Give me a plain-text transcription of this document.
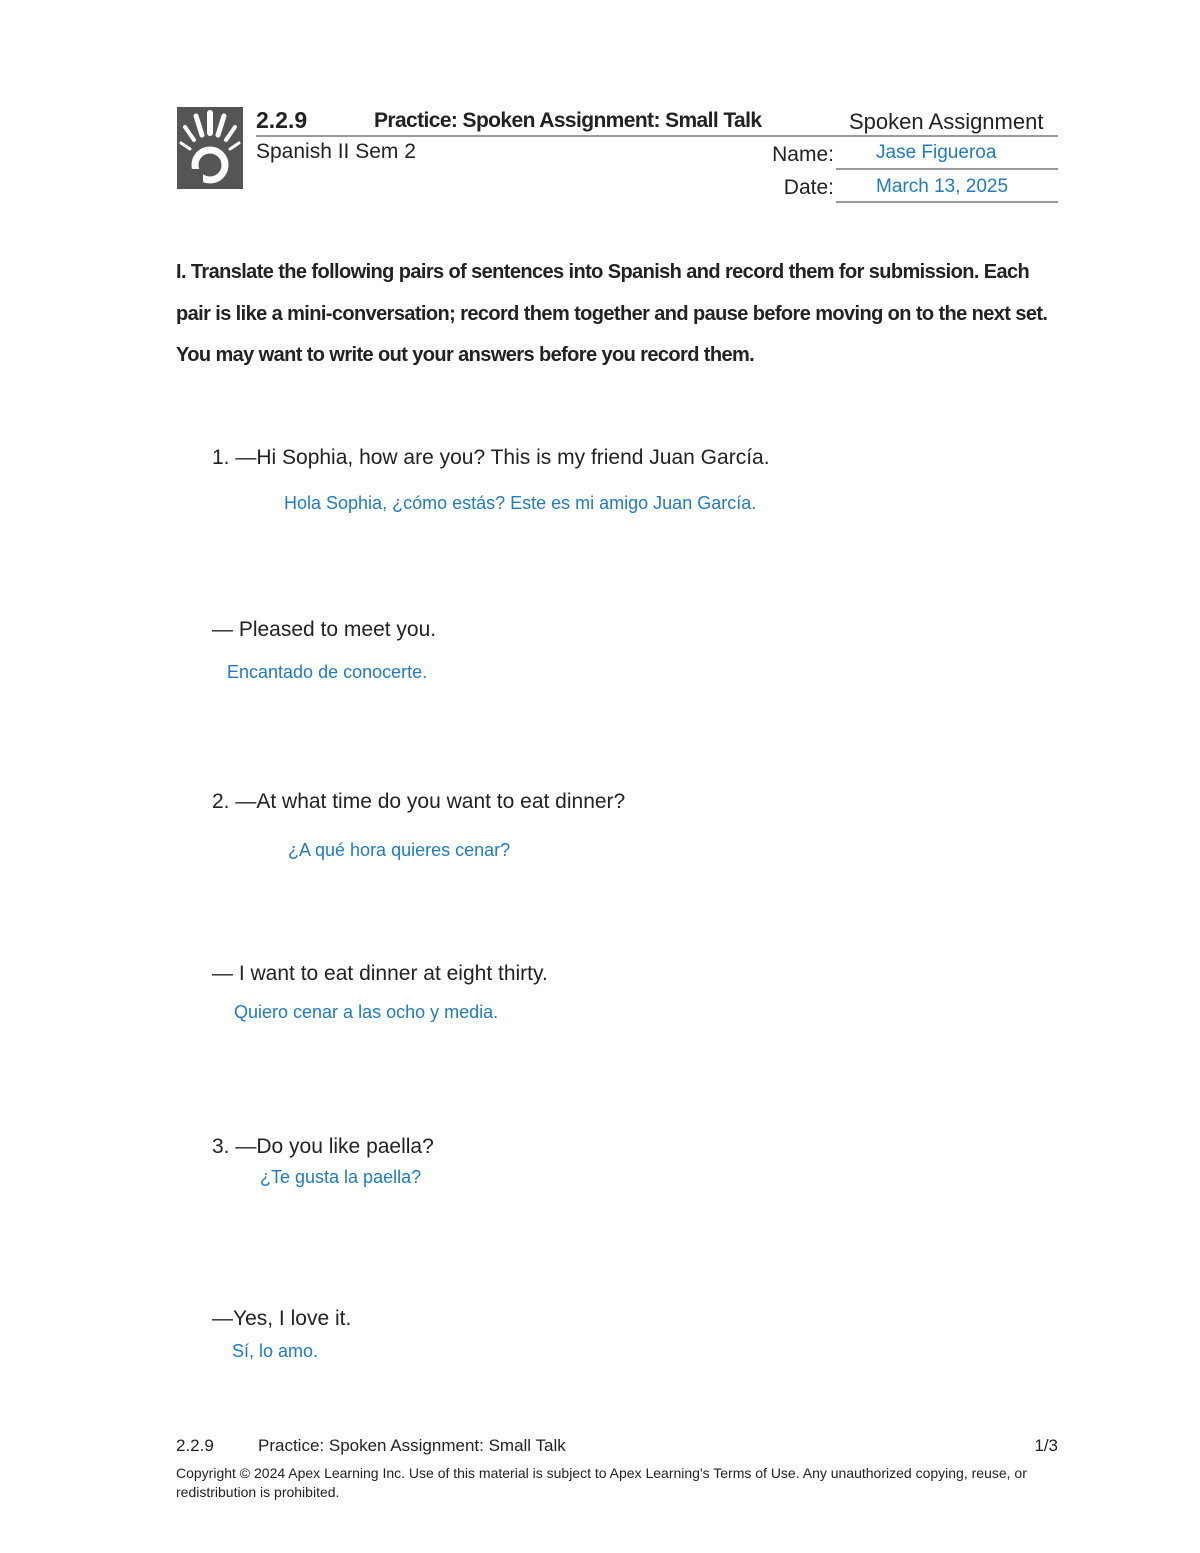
2.2.9	Practice: Spoken Assignment: Small Talk	Spoken Assignment
Spanish II Sem 2	Name: Jase Figueroa
Date: March 13, 2025
I. Translate the following pairs of sentences into Spanish and record them for submission. Each pair is like a mini-conversation; record them together and pause before moving on to the next set. You may want to write out your answers before you record them.
1. —Hi Sophia, how are you? This is my friend Juan García.
Hola Sophia, ¿cómo estás? Este es mi amigo Juan García.
— Pleased to meet you.
Encantado de conocerte.
2. —At what time do you want to eat dinner?
¿A qué hora quieres cenar?
— I want to eat dinner at eight thirty.
Quiero cenar a las ocho y media.
3. —Do you like paella?
¿Te gusta la paella?
—Yes, I love it.
Sí, lo amo.
2.2.9	Practice: Spoken Assignment: Small Talk	1/3
Copyright © 2024 Apex Learning Inc. Use of this material is subject to Apex Learning's Terms of Use. Any unauthorized copying, reuse, or redistribution is prohibited.
